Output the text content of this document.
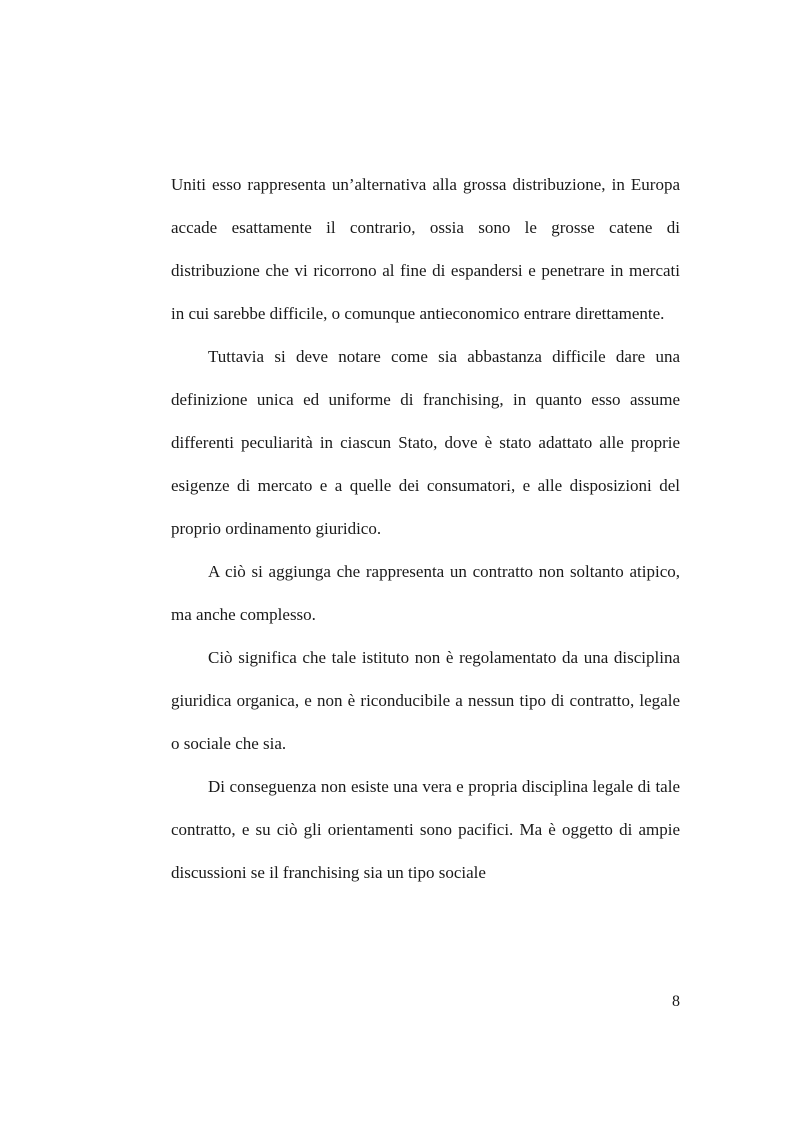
Uniti esso rappresenta un’alternativa alla grossa distribuzione, in Europa accade esattamente il contrario, ossia sono le grosse catene di distribuzione che vi ricorrono al fine di espandersi e penetrare in mercati in cui sarebbe difficile, o comunque antieconomico entrare direttamente.

Tuttavia si deve notare come sia abbastanza difficile dare una definizione unica ed uniforme di franchising, in quanto esso assume differenti peculiarità in ciascun Stato, dove è stato adattato alle proprie esigenze di mercato e a quelle dei consumatori, e alle disposizioni del proprio ordinamento giuridico.

A ciò si aggiunga che rappresenta un contratto non soltanto atipico, ma anche complesso.

Ciò significa che tale istituto non è regolamentato da una disciplina giuridica organica, e non è riconducibile a nessun tipo di contratto, legale o sociale che sia.

Di conseguenza non esiste una vera e propria disciplina legale di tale contratto, e su ciò gli orientamenti sono pacifici. Ma è oggetto di ampie discussioni se il franchising sia un tipo sociale

8
